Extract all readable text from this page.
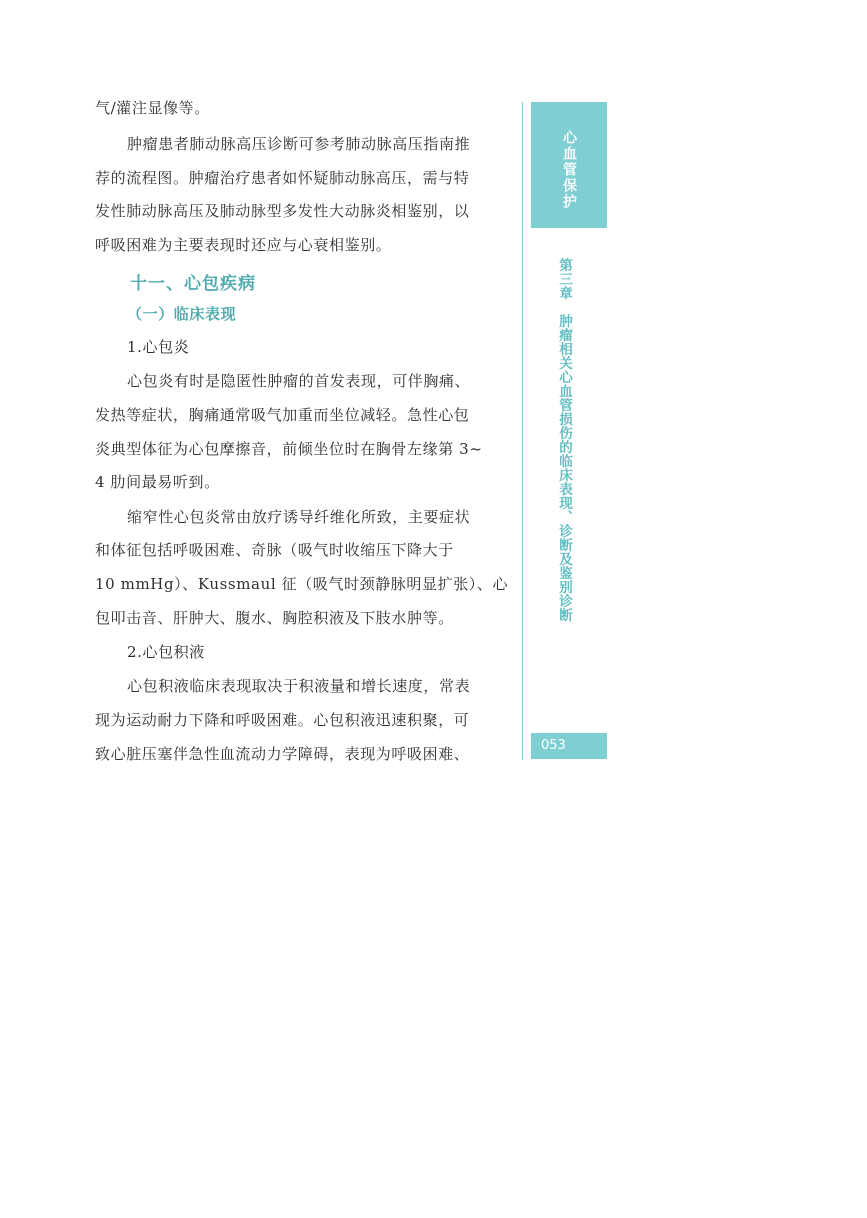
气/灌注显像等。
肿瘤患者肺动脉高压诊断可参考肺动脉高压指南推
荐的流程图。肿瘤治疗患者如怀疑肺动脉高压，需与特
发性肺动脉高压及肺动脉型多发性大动脉炎相鉴别，以
呼吸困难为主要表现时还应与心衰相鉴别。
十一、心包疾病
（一）临床表现
1.心包炎
心包炎有时是隐匿性肿瘤的首发表现，可伴胸痛、
发热等症状，胸痛通常吸气加重而坐位减轻。急性心包
炎典型体征为心包摩擦音，前倾坐位时在胸骨左缘第 3~
4 肋间最易听到。
缩窄性心包炎常由放疗诱导纤维化所致，主要症状
和体征包括呼吸困难、奇脉（吸气时收缩压下降大于
10 mmHg）、Kussmaul 征（吸气时颈静脉明显扩张）、心
包叩击音、肝肿大、腹水、胸腔积液及下肢水肿等。
2.心包积液
心包积液临床表现取决于积液量和增长速度，常表
现为运动耐力下降和呼吸困难。心包积液迅速积聚，可
致心脏压塞伴急性血流动力学障碍，表现为呼吸困难、
心血管保护
第三章　肿瘤相关心血管损伤的临床表现、诊断及鉴别诊断
053
